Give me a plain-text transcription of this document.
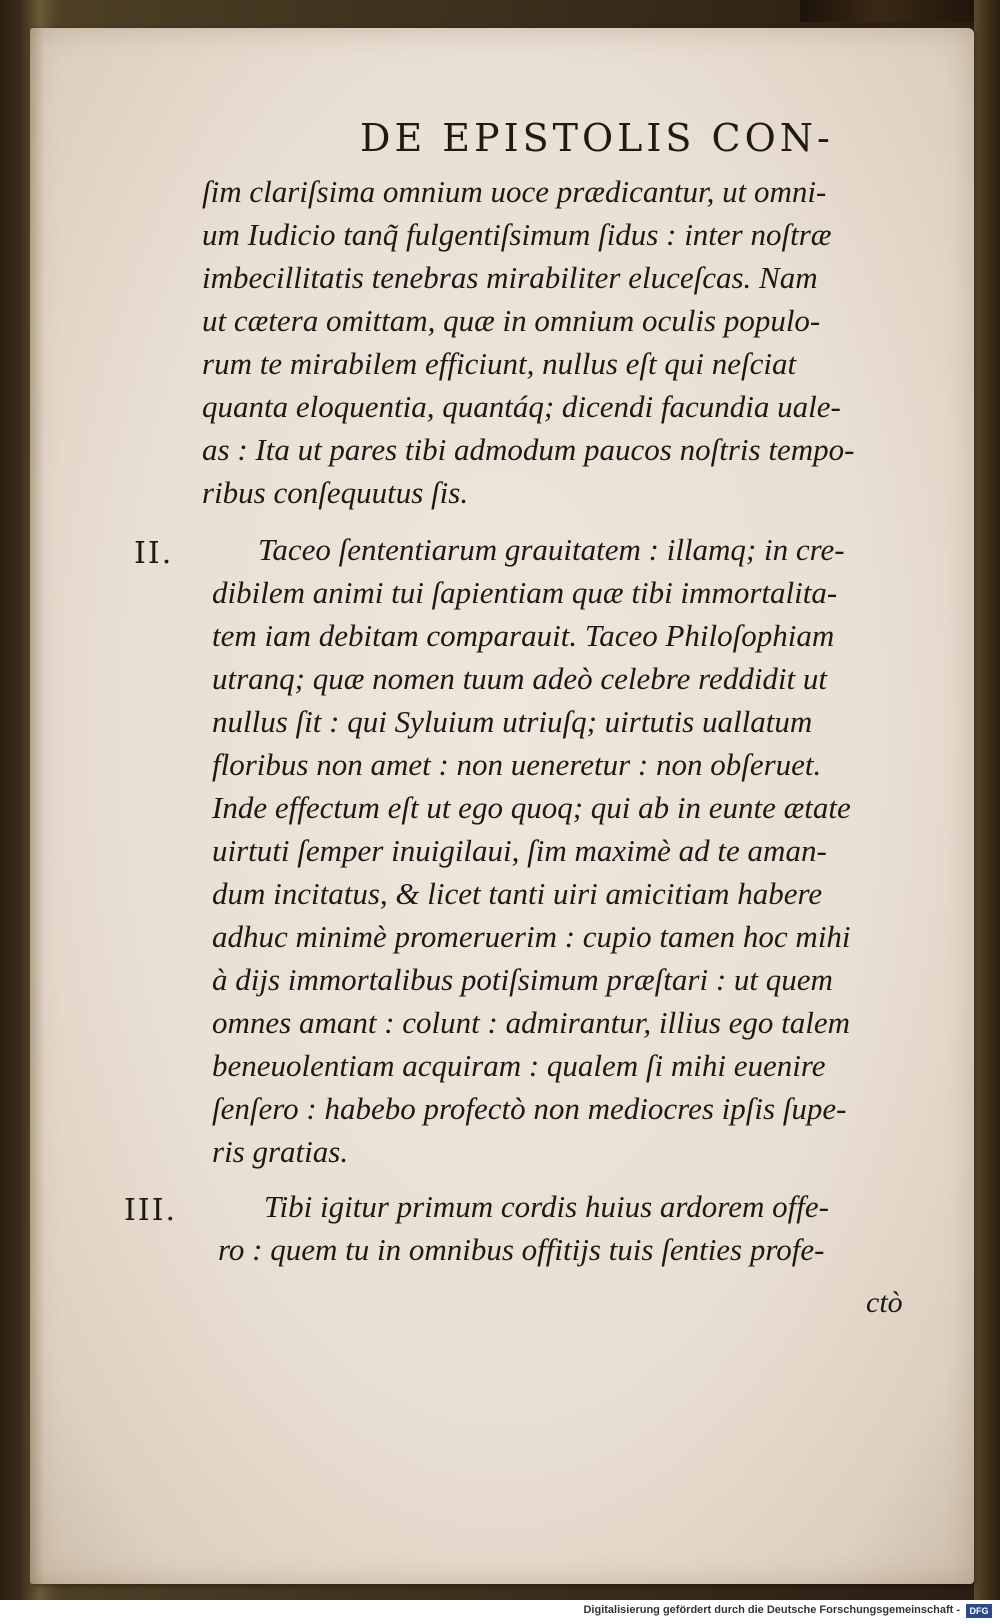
DE EPISTOLIS CON-
ſim clariſsima omnium uoce prædicantur, ut omni-
um Iudicio tanq̃ fulgentiſsimum ſidus : inter noſtræ
imbecillitatis tenebras mirabiliter eluceſcas. Nam
ut cætera omittam, quæ in omnium oculis populo-
rum te mirabilem efficiunt, nullus eſt qui neſciat
quanta eloquentia, quantáq; dicendi facundia uale-
as : Ita ut pares tibi admodum paucos noſtris tempo-
ribus conſequutus ſis.
II.	Taceo ſententiarum grauitatem : illamq; in cre-
dibilem animi tui ſapientiam quæ tibi immortalita-
tem iam debitam comparauit. Taceo Philoſophiam
utranq; quæ nomen tuum adeò celebre reddidit ut
nullus ſit : qui Syluium utriuſq; uirtutis uallatum
floribus non amet : non ueneretur : non obſeruet.
Inde effectum eſt ut ego quoq; qui ab in eunte ætate
uirtuti ſemper inuigilaui, ſim maximè ad te aman-
dum incitatus, & licet tanti uiri amicitiam habere
adhuc minimè promeruerim : cupio tamen hoc mihi
à dijs immortalibus potiſsimum præſtari : ut quem
omnes amant : colunt : admirantur, illius ego talem
beneuolentiam acquiram : qualem ſi mihi euenire
ſenſero : habebo profectò non mediocres ipſis ſupe-
ris gratias.
III.	Tibi igitur primum cordis huius ardorem offe-
ro : quem tu in omnibus offitijs tuis ſenties profe-
ctò
Digitalisierung gefördert durch die Deutsche Forschungsgemeinschaft -	DFG
